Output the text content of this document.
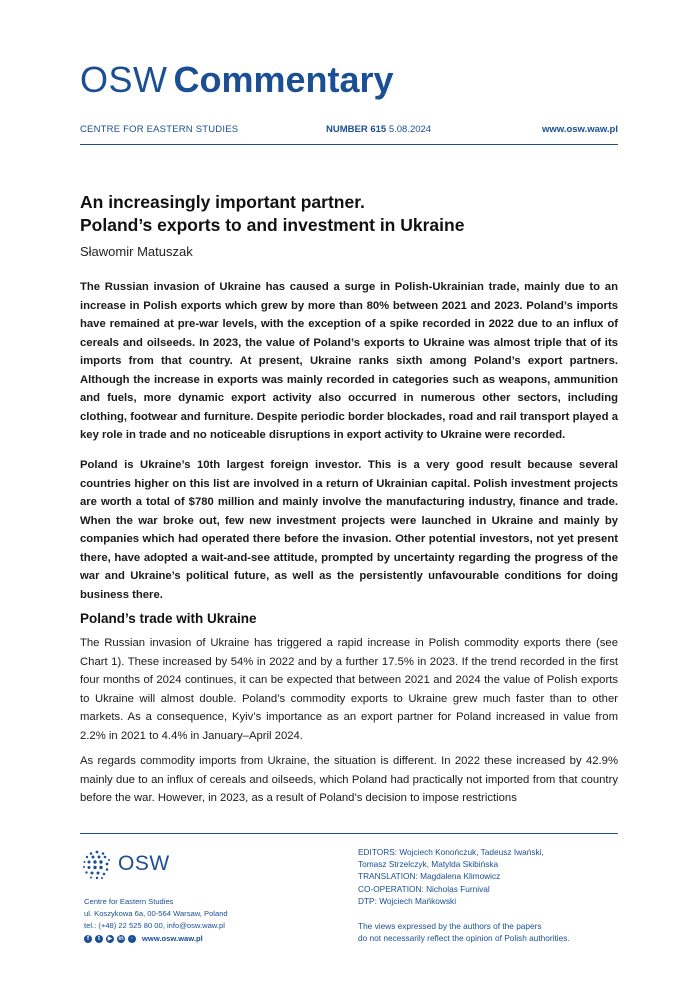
OSW Commentary
CENTRE FOR EASTERN STUDIES	NUMBER 615 5.08.2024	www.osw.waw.pl
An increasingly important partner.
Poland’s exports to and investment in Ukraine
Sławomir Matuszak

The Russian invasion of Ukraine has caused a surge in Polish-Ukrainian trade, mainly due to an increase in Polish exports which grew by more than 80% between 2021 and 2023. Poland’s imports have remained at pre-war levels, with the exception of a spike recorded in 2022 due to an influx of cereals and oilseeds. In 2023, the value of Poland’s exports to Ukraine was almost triple that of its imports from that country. At present, Ukraine ranks sixth among Poland’s export partners. Although the increase in exports was mainly recorded in categories such as weapons, ammunition and fuels, more dynamic export activity also occurred in numerous other sectors, including clothing, footwear and furniture. Despite periodic border blockades, road and rail transport played a key role in trade and no noticeable disruptions in export activity to Ukraine were recorded.

Poland is Ukraine’s 10th largest foreign investor. This is a very good result because several countries higher on this list are involved in a return of Ukrainian capital. Polish investment projects are worth a total of $780 million and mainly involve the manufacturing industry, finance and trade. When the war broke out, few new investment projects were launched in Ukraine and mainly by companies which had operated there before the invasion. Other potential investors, not yet present there, have adopted a wait-and-see attitude, prompted by uncertainty regarding the progress of the war and Ukraine’s political future, as well as the persistently unfavourable conditions for doing business there.

Poland’s trade with Ukraine

The Russian invasion of Ukraine has triggered a rapid increase in Polish commodity exports there (see Chart 1). These increased by 54% in 2022 and by a further 17.5% in 2023. If the trend recorded in the first four months of 2024 continues, it can be expected that between 2021 and 2024 the value of Polish exports to Ukraine will almost double. Poland’s commodity exports to Ukraine grew much faster than to other markets. As a consequence, Kyiv’s importance as an export partner for Poland increased in value from 2.2% in 2021 to 4.4% in January–April 2024.

As regards commodity imports from Ukraine, the situation is different. In 2022 these increased by 42.9% mainly due to an influx of cereals and oilseeds, which Poland had practically not imported from that country before the war. However, in 2023, as a result of Poland’s decision to impose restrictions

OSW
Centre for Eastern Studies
ul. Koszykowa 6a, 00-564 Warsaw, Poland
tel.: (+48) 22 525 80 00, info@osw.waw.pl
f	t	▶ in	·	www.osw.waw.pl
EDITORS: Wojciech Konończuk, Tadeusz Iwański,
Tomasz Strzelczyk, Matylda Skibińska
TRANSLATION: Magdalena Klimowicz
CO-OPERATION: Nicholas Furnival
DTP: Wojciech Mańkowski
The views expressed by the authors of the papers
do not necessarily reflect the opinion of Polish authorities.
